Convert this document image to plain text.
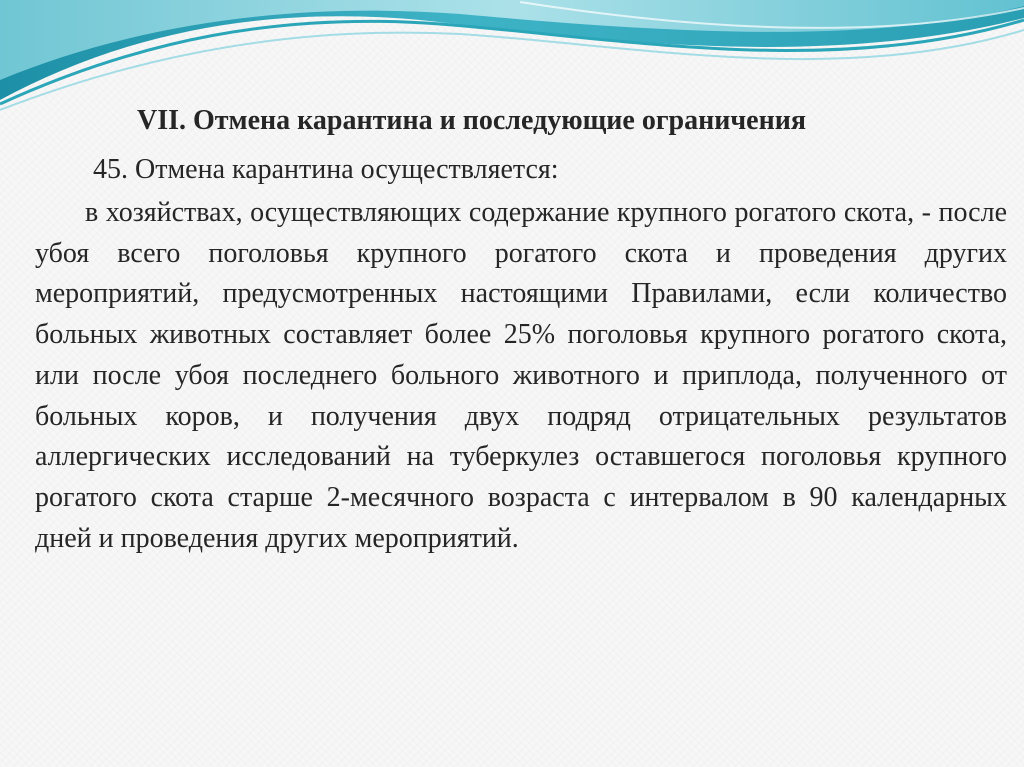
VII. Отмена карантина и последующие ограничения
45. Отмена карантина осуществляется:

в хозяйствах, осуществляющих содержание крупного рогатого скота, - после убоя всего поголовья крупного рогатого скота и проведения других мероприятий, предусмотренных настоящими Правилами, если количество больных животных составляет более 25% поголовья крупного рогатого скота, или после убоя последнего больного животного и приплода, полученного от больных коров, и получения двух подряд отрицательных результатов аллергических исследований на туберкулез оставшегося поголовья крупного рогатого скота старше 2-месячного возраста с интервалом в 90 календарных дней и проведения других мероприятий.
